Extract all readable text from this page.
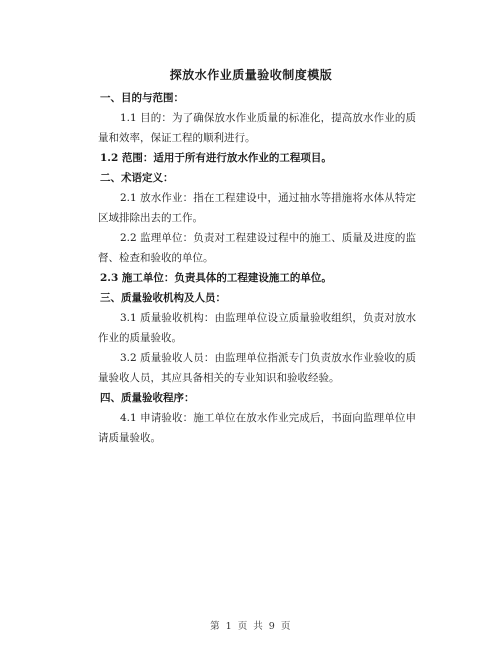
探放水作业质量验收制度模版

一、目的与范围：

1.1 目的：为了确保放水作业质量的标准化，提高放水作业的质量和效率，保证工程的顺利进行。

1.2 范围：适用于所有进行放水作业的工程项目。

二、术语定义：

2.1 放水作业：指在工程建设中，通过抽水等措施将水体从特定区域排除出去的工作。

2.2 监理单位：负责对工程建设过程中的施工、质量及进度的监督、检查和验收的单位。

2.3 施工单位：负责具体的工程建设施工的单位。

三、质量验收机构及人员：

3.1 质量验收机构：由监理单位设立质量验收组织，负责对放水作业的质量验收。

3.2 质量验收人员：由监理单位指派专门负责放水作业验收的质量验收人员，其应具备相关的专业知识和验收经验。

四、质量验收程序：

4.1 申请验收：施工单位在放水作业完成后，书面向监理单位申请质量验收。

第 1 页 共 9 页
